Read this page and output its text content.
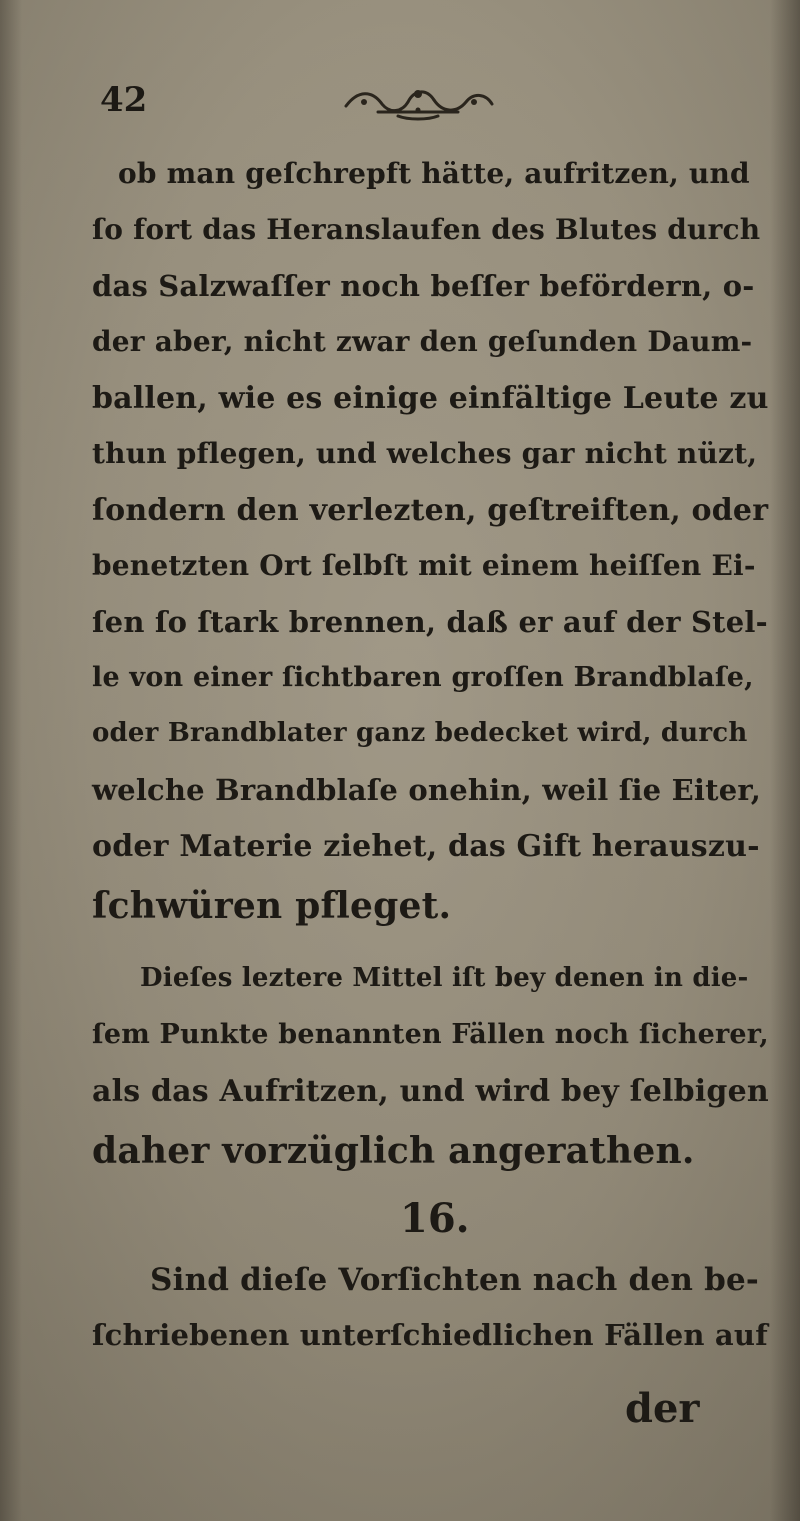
42
ob man geſchrepft hätte, aufritzen, und
ſo fort das Heranslaufen des Blutes durch
das Salzwaſſer noch beſſer befördern, o-
der aber, nicht zwar den geſunden Daum-
ballen, wie es einige einfältige Leute zu
thun pflegen, und welches gar nicht nüzt,
ſondern den verlezten, geſtreiften, oder
benetzten Ort ſelbſt mit einem heiſſen Ei-
ſen ſo ſtark brennen, daß er auf der Stel-
le von einer ſichtbaren groſſen Brandblaſe,
oder Brandblater ganz bedecket wird, durch
welche Brandblaſe onehin, weil ſie Eiter,
oder Materie ziehet, das Gift herauszu-
ſchwüren pfleget.
Dieſes leztere Mittel iſt bey denen in die-
ſem Punkte benannten Fällen noch ſicherer,
als das Aufritzen, und wird bey ſelbigen
daher vorzüglich angerathen.
16.
Sind dieſe Vorſichten nach den be-
ſchriebenen unterſchiedlichen Fällen auf
der
